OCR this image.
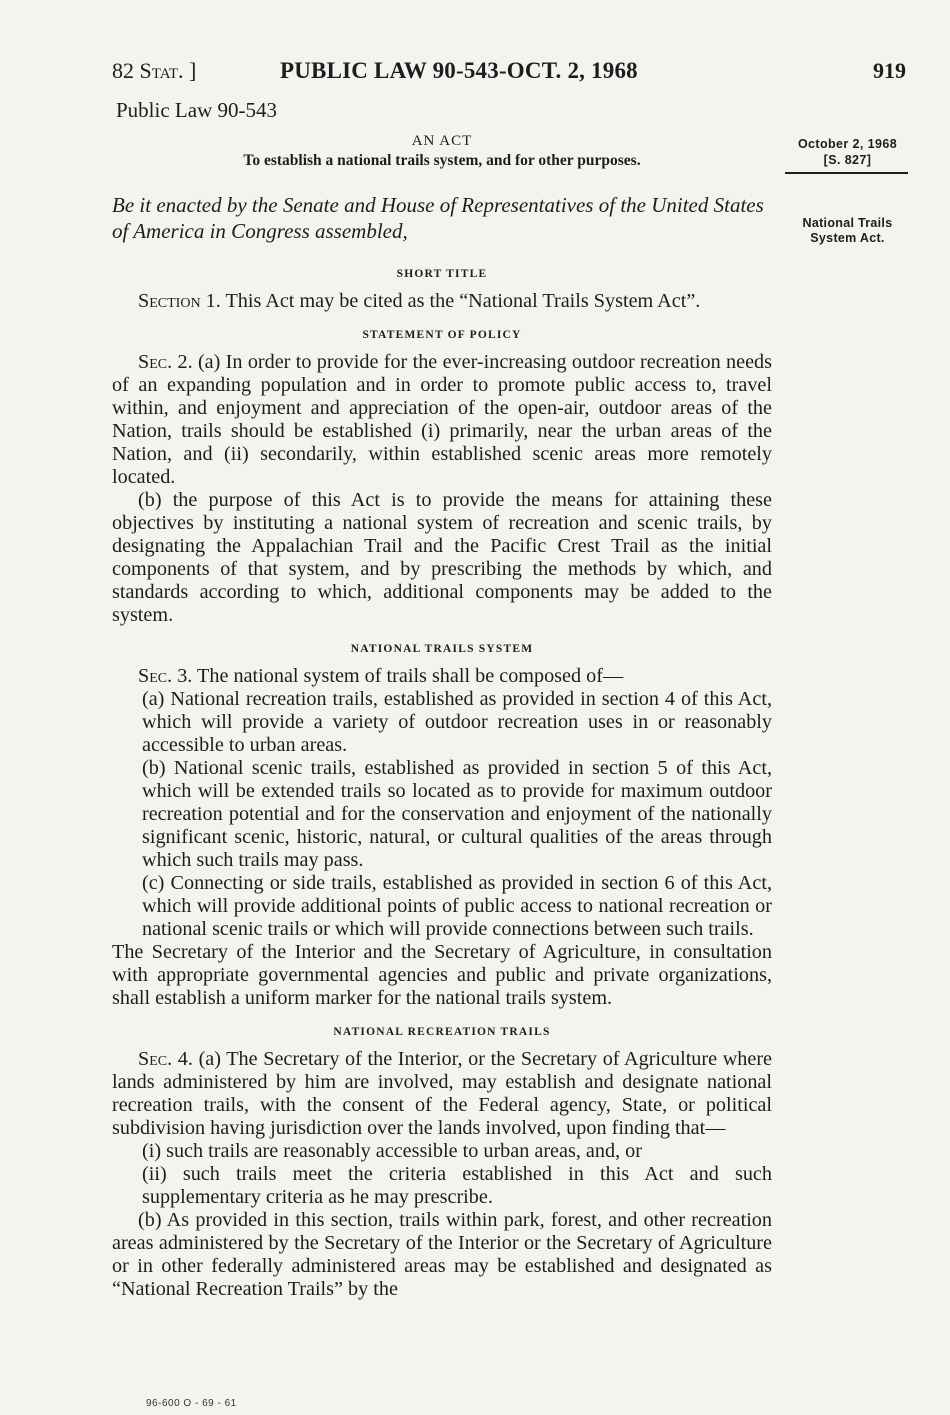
82 Stat. ]	PUBLIC LAW 90-543-OCT. 2, 1968	919
Public Law 90-543
AN ACT
To establish a national trails system, and for other purposes.
Be it enacted by the Senate and House of Representatives of the United States of America in Congress assembled,
SHORT TITLE

Section 1. This Act may be cited as the “National Trails System Act”.

STATEMENT OF POLICY

Sec. 2. (a) In order to provide for the ever-increasing outdoor recreation needs of an expanding population and in order to promote public access to, travel within, and enjoyment and appreciation of the open-air, outdoor areas of the Nation, trails should be established (i) primarily, near the urban areas of the Nation, and (ii) secondarily, within established scenic areas more remotely located.

(b) the purpose of this Act is to provide the means for attaining these objectives by instituting a national system of recreation and scenic trails, by designating the Appalachian Trail and the Pacific Crest Trail as the initial components of that system, and by prescribing the methods by which, and standards according to which, additional components may be added to the system.

NATIONAL TRAILS SYSTEM

Sec. 3. The national system of trails shall be composed of—

(a) National recreation trails, established as provided in section 4 of this Act, which will provide a variety of outdoor recreation uses in or reasonably accessible to urban areas.

(b) National scenic trails, established as provided in section 5 of this Act, which will be extended trails so located as to provide for maximum outdoor recreation potential and for the conservation and enjoyment of the nationally significant scenic, historic, natural, or cultural qualities of the areas through which such trails may pass.

(c) Connecting or side trails, established as provided in section 6 of this Act, which will provide additional points of public access to national recreation or national scenic trails or which will provide connections between such trails.

The Secretary of the Interior and the Secretary of Agriculture, in consultation with appropriate governmental agencies and public and private organizations, shall establish a uniform marker for the national trails system.

NATIONAL RECREATION TRAILS

Sec. 4. (a) The Secretary of the Interior, or the Secretary of Agriculture where lands administered by him are involved, may establish and designate national recreation trails, with the consent of the Federal agency, State, or political subdivision having jurisdiction over the lands involved, upon finding that—

(i) such trails are reasonably accessible to urban areas, and, or

(ii) such trails meet the criteria established in this Act and such supplementary criteria as he may prescribe.

(b) As provided in this section, trails within park, forest, and other recreation areas administered by the Secretary of the Interior or the Secretary of Agriculture or in other federally administered areas may be established and designated as “National Recreation Trails” by the

October 2, 1968
[S. 827]
National Trails
System Act.
96-600 O - 69 - 61
